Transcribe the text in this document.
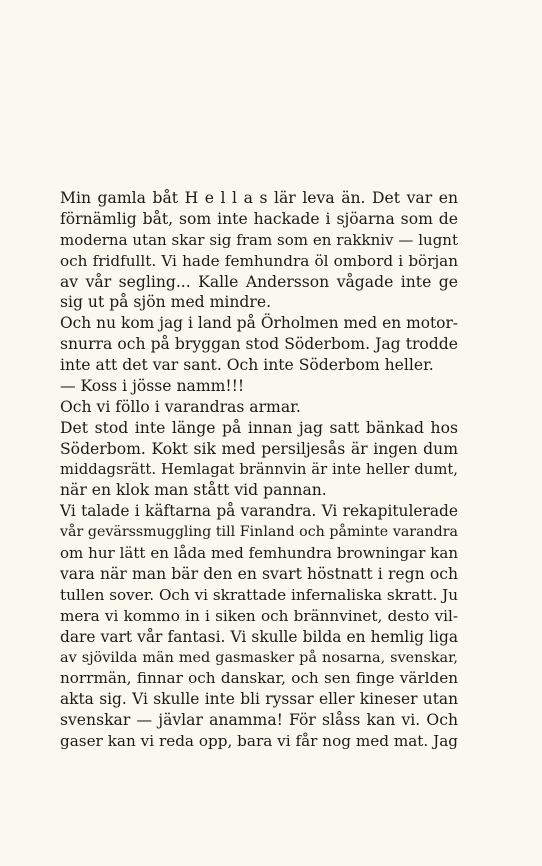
Min gamla båt H e l l a s lär leva än. Det var en
förnämlig båt, som inte hackade i sjöarna som de
moderna utan skar sig fram som en rakkniv — lugnt
och fridfullt. Vi hade femhundra öl ombord i början
av vår segling... Kalle Andersson vågade inte ge
sig ut på sjön med mindre.
Och nu kom jag i land på Örholmen med en motor-
snurra och på bryggan stod Söderbom. Jag trodde
inte att det var sant. Och inte Söderbom heller.
— Koss i jösse namm!!!
Och vi föllo i varandras armar.
Det stod inte länge på innan jag satt bänkad hos
Söderbom. Kokt sik med persiljesås är ingen dum
middagsrätt. Hemlagat brännvin är inte heller dumt,
när en klok man stått vid pannan.
Vi talade i käftarna på varandra. Vi rekapitulerade
vår gevärssmuggling till Finland och påminte varandra
om hur lätt en låda med femhundra browningar kan
vara när man bär den en svart höstnatt i regn och
tullen sover. Och vi skrattade infernaliska skratt. Ju
mera vi kommo in i siken och brännvinet, desto vil-
dare vart vår fantasi. Vi skulle bilda en hemlig liga
av sjövilda män med gasmasker på nosarna, svenskar,
norrmän, finnar och danskar, och sen finge världen
akta sig. Vi skulle inte bli ryssar eller kineser utan
svenskar — jävlar anamma! För slåss kan vi. Och
gaser kan vi reda opp, bara vi får nog med mat. Jag
